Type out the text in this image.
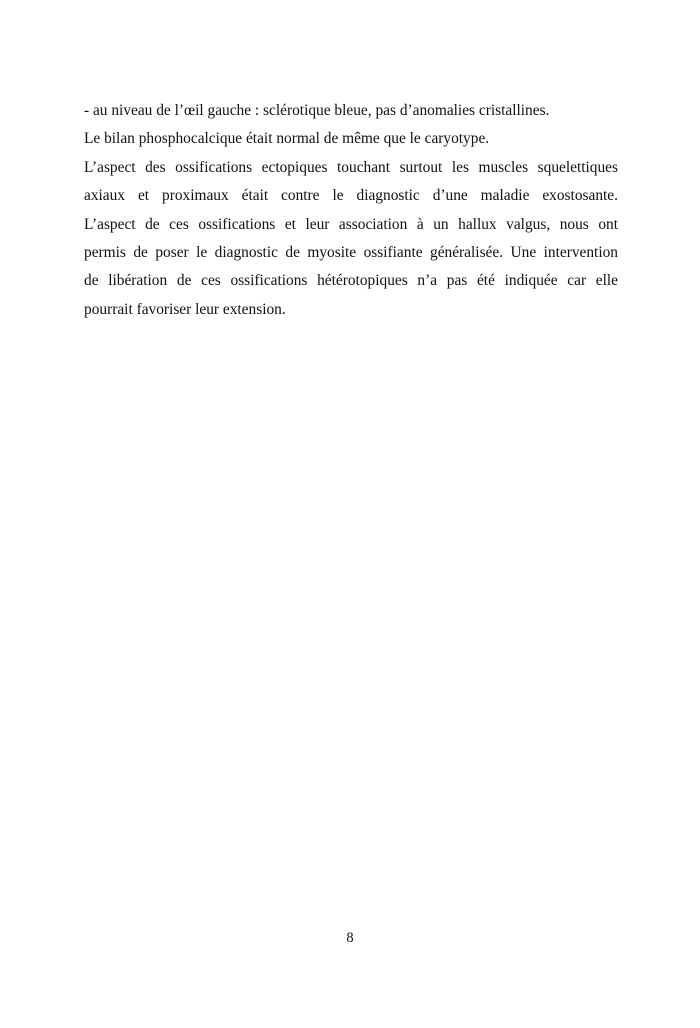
- au niveau de l’œil gauche : sclérotique bleue, pas d’anomalies cristallines.
Le bilan phosphocalcique était normal de même que le caryotype.
L’aspect des ossifications ectopiques touchant surtout les muscles squelettiques
axiaux et proximaux était contre le diagnostic d’une maladie exostosante.
L’aspect de ces ossifications et leur association à un hallux valgus, nous ont
permis de poser le diagnostic de myosite ossifiante généralisée. Une intervention
de libération de ces ossifications hétérotopiques n’a pas été indiquée car elle
pourrait favoriser leur extension.
8
